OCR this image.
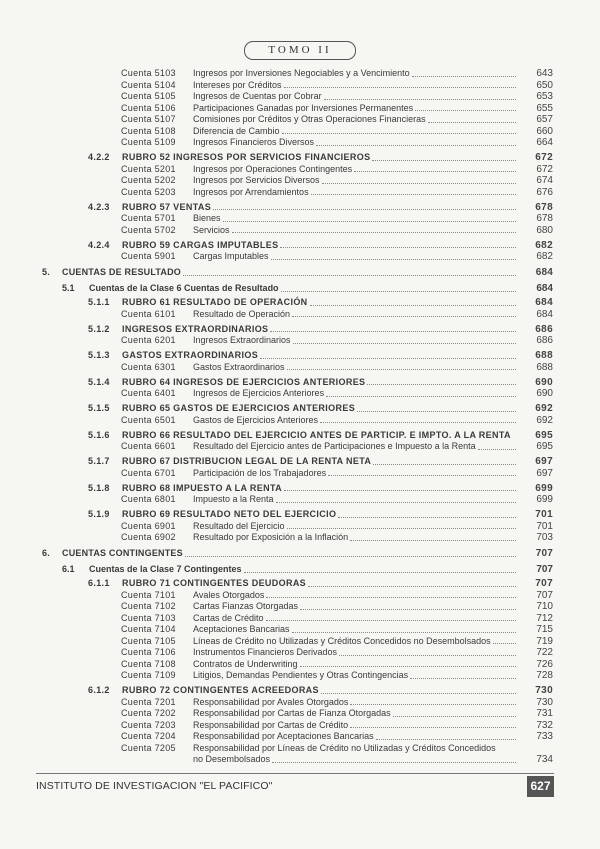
TOMO II
Cuenta 5103	Ingresos por Inversiones Negociables y a Vencimiento	643
Cuenta 5104	Intereses por Créditos	650
Cuenta 5105	Ingresos de Cuentas por Cobrar	653
Cuenta 5106	Participaciones Ganadas por Inversiones Permanentes	655
Cuenta 5107	Comisiones por Créditos y Otras Operaciones Financieras	657
Cuenta 5108	Diferencia de Cambio	660
Cuenta 5109	Ingresos Financieros Diversos	664
4.2.2	RUBRO 52 INGRESOS POR SERVICIOS FINANCIEROS	672
Cuenta 5201	Ingresos por Operaciones Contingentes	672
Cuenta 5202	Ingresos por Servicios Diversos	674
Cuenta 5203	Ingresos por Arrendamientos	676
4.2.3	RUBRO 57 VENTAS	678
Cuenta 5701	Bienes	678
Cuenta 5702	Servicios	680
4.2.4	RUBRO 59 CARGAS IMPUTABLES	682
Cuenta 5901	Cargas Imputables	682
5.	CUENTAS DE RESULTADO	684
5.1	Cuentas de la Clase 6 Cuentas de Resultado	684
5.1.1	RUBRO 61 RESULTADO DE OPERACIÓN	684
Cuenta 6101	Resultado de Operación	684
5.1.2	INGRESOS EXTRAORDINARIOS	686
Cuenta 6201	Ingresos Extraordinarios	686
5.1.3	GASTOS EXTRAORDINARIOS	688
Cuenta 6301	Gastos Extraordinarios	688
5.1.4	RUBRO 64 INGRESOS DE EJERCICIOS ANTERIORES	690
Cuenta 6401	Ingresos de Ejercicios Anteriores	690
5.1.5	RUBRO 65 GASTOS DE EJERCICIOS ANTERIORES	692
Cuenta 6501	Gastos de Ejercicios Anteriores	692
5.1.6	RUBRO 66 RESULTADO DEL EJERCICIO ANTES DE PARTICIP. E IMPTO. A LA RENTA	695
Cuenta 6601	Resultado del Ejercicio antes de Participaciones e Impuesto a la Renta	695
5.1.7	RUBRO 67 DISTRIBUCION LEGAL DE LA RENTA NETA	697
Cuenta 6701	Participación de los Trabajadores	697
5.1.8	RUBRO 68 IMPUESTO A LA RENTA	699
Cuenta 6801	Impuesto a la Renta	699
5.1.9	RUBRO 69 RESULTADO NETO DEL EJERCICIO	701
Cuenta 6901	Resultado del Ejercicio	701
Cuenta 6902	Resultado por Exposición a la Inflación	703
6.	CUENTAS CONTINGENTES	707
6.1	Cuentas de la Clase 7 Contingentes	707
6.1.1	RUBRO 71 CONTINGENTES DEUDORAS	707
Cuenta 7101	Avales Otorgados	707
Cuenta 7102	Cartas Fianzas Otorgadas	710
Cuenta 7103	Cartas de Crédito	712
Cuenta 7104	Aceptaciones Bancarias	715
Cuenta 7105	Líneas de Crédito no Utilizadas y Créditos Concedidos no Desembolsados	719
Cuenta 7106	Instrumentos Financieros Derivados	722
Cuenta 7108	Contratos de Underwriting	726
Cuenta 7109	Litigios, Demandas Pendientes y Otras Contingencias	728
6.1.2	RUBRO 72 CONTINGENTES ACREEDORAS	730
Cuenta 7201	Responsabilidad por Avales Otorgados	730
Cuenta 7202	Responsabilidad por Cartas de Fianza Otorgadas	731
Cuenta 7203	Responsabilidad por Cartas de Crédito	732
Cuenta 7204	Responsabilidad por Aceptaciones Bancarias	733
Cuenta 7205	Responsabilidad por Líneas de Crédito no Utilizadas y Créditos Concedidos
no Desembolsados	734
INSTITUTO DE INVESTIGACION "EL PACIFICO"	627
